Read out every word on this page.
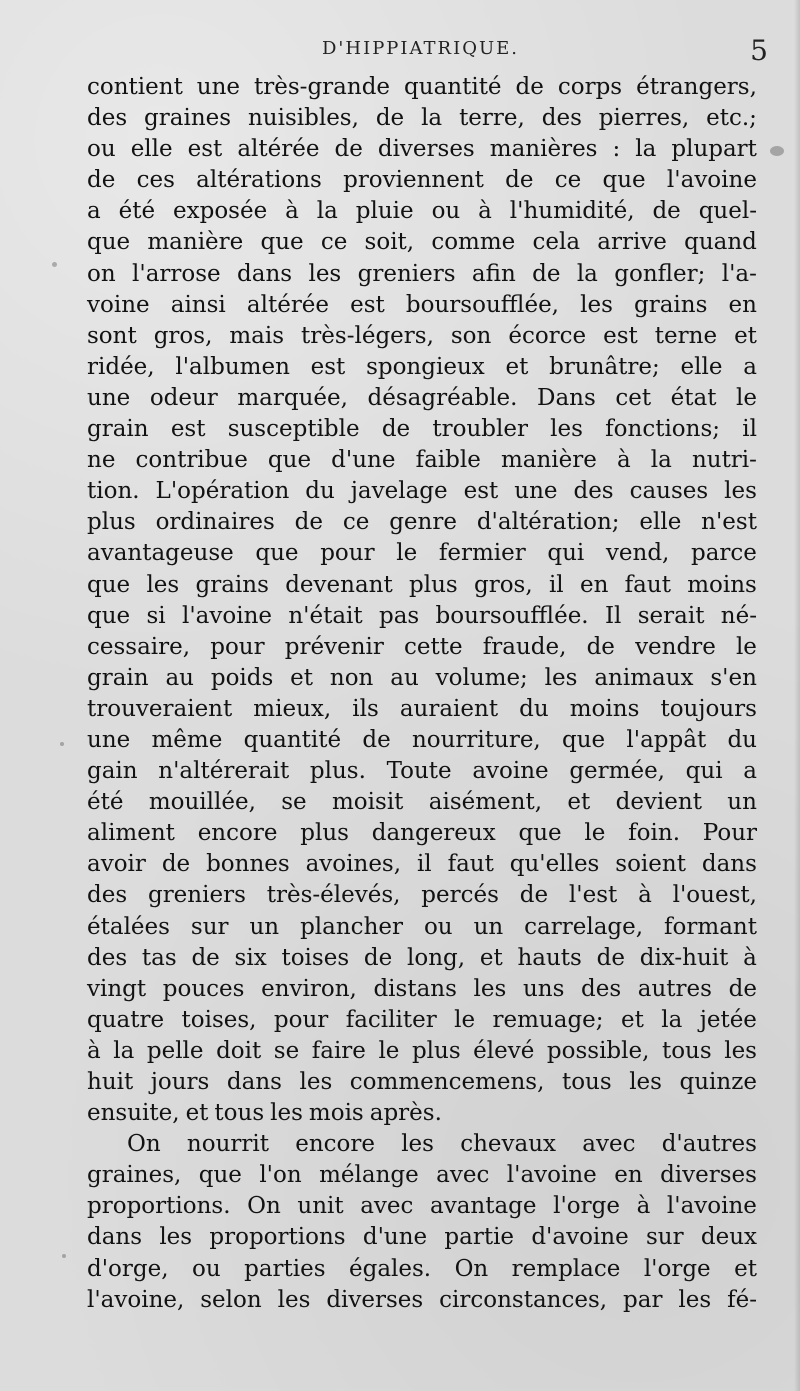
D'HIPPIATRIQUE.	5
contient une très-grande quantité de corps étrangers,
des graines nuisibles, de la terre, des pierres, etc.;
ou elle est altérée de diverses manières : la plupart
de ces altérations proviennent de ce que l'avoine
a été exposée à la pluie ou à l'humidité, de quel-
que manière que ce soit, comme cela arrive quand
on l'arrose dans les greniers afin de la gonfler; l'a-
voine ainsi altérée est boursoufflée, les grains en
sont gros, mais très-légers, son écorce est terne et
ridée, l'albumen est spongieux et brunâtre; elle a
une odeur marquée, désagréable. Dans cet état le
grain est susceptible de troubler les fonctions; il
ne contribue que d'une faible manière à la nutri-
tion. L'opération du javelage est une des causes les
plus ordinaires de ce genre d'altération; elle n'est
avantageuse que pour le fermier qui vend, parce
que les grains devenant plus gros, il en faut moins
que si l'avoine n'était pas boursoufflée. Il serait né-
cessaire, pour prévenir cette fraude, de vendre le
grain au poids et non au volume; les animaux s'en
trouveraient mieux, ils auraient du moins toujours
une même quantité de nourriture, que l'appât du
gain n'altérerait plus. Toute avoine germée, qui a
été mouillée, se moisit aisément, et devient un
aliment encore plus dangereux que le foin. Pour
avoir de bonnes avoines, il faut qu'elles soient dans
des greniers très-élevés, percés de l'est à l'ouest,
étalées sur un plancher ou un carrelage, formant
des tas de six toises de long, et hauts de dix-huit à
vingt pouces environ, distans les uns des autres de
quatre toises, pour faciliter le remuage; et la jetée
à la pelle doit se faire le plus élevé possible, tous les
huit jours dans les commencemens, tous les quinze
ensuite, et tous les mois après.
On nourrit encore les chevaux avec d'autres
graines, que l'on mélange avec l'avoine en diverses
proportions. On unit avec avantage l'orge à l'avoine
dans les proportions d'une partie d'avoine sur deux
d'orge, ou parties égales. On remplace l'orge et
l'avoine, selon les diverses circonstances, par les fé-
